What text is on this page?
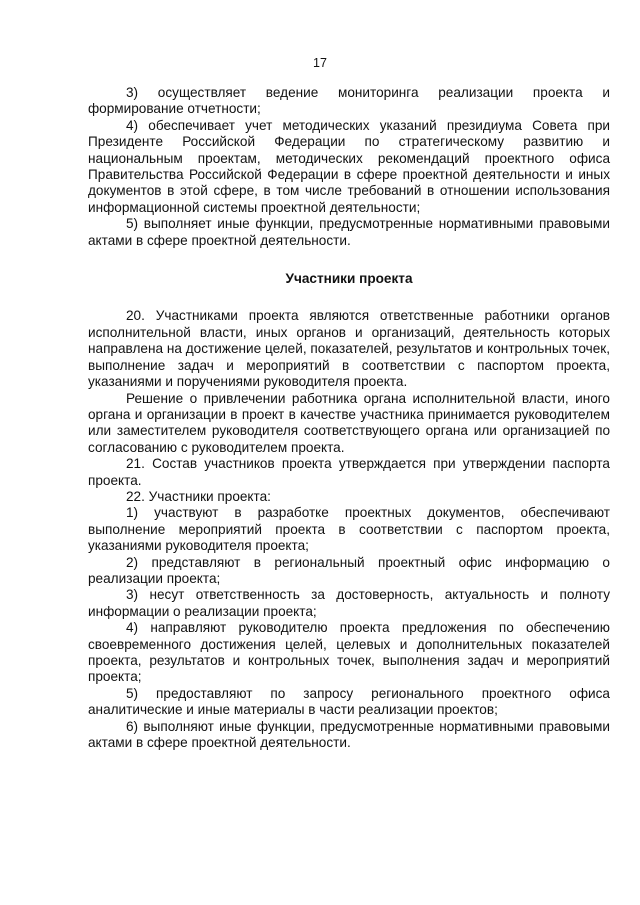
17

3) осуществляет ведение мониторинга реализации проекта и формирование отчетности;

4) обеспечивает учет методических указаний президиума Совета при Президенте Российской Федерации по стратегическому развитию и национальным проектам, методических рекомендаций проектного офиса Правительства Российской Федерации в сфере проектной деятельности и иных документов в этой сфере, в том числе требований в отношении использования информационной системы проектной деятельности;

5) выполняет иные функции, предусмотренные нормативными правовыми актами в сфере проектной деятельности.

Участники проекта

20. Участниками проекта являются ответственные работники органов исполнительной власти, иных органов и организаций, деятельность которых направлена на достижение целей, показателей, результатов и контрольных точек, выполнение задач и мероприятий в соответствии с паспортом проекта, указаниями и поручениями руководителя проекта.

Решение о привлечении работника органа исполнительной власти, иного органа и организации в проект в качестве участника принимается руководителем или заместителем руководителя соответствующего органа или организацией по согласованию с руководителем проекта.

21. Состав участников проекта утверждается при утверждении паспорта проекта.

22. Участники проекта:

1) участвуют в разработке проектных документов, обеспечивают выполнение мероприятий проекта в соответствии с паспортом проекта, указаниями руководителя проекта;

2) представляют в региональный проектный офис информацию о реализации проекта;

3) несут ответственность за достоверность, актуальность и полноту информации о реализации проекта;

4) направляют руководителю проекта предложения по обеспечению своевременного достижения целей, целевых и дополнительных показателей проекта, результатов и контрольных точек, выполнения задач и мероприятий проекта;

5) предоставляют по запросу регионального проектного офиса аналитические и иные материалы в части реализации проектов;

6) выполняют иные функции, предусмотренные нормативными правовыми актами в сфере проектной деятельности.
